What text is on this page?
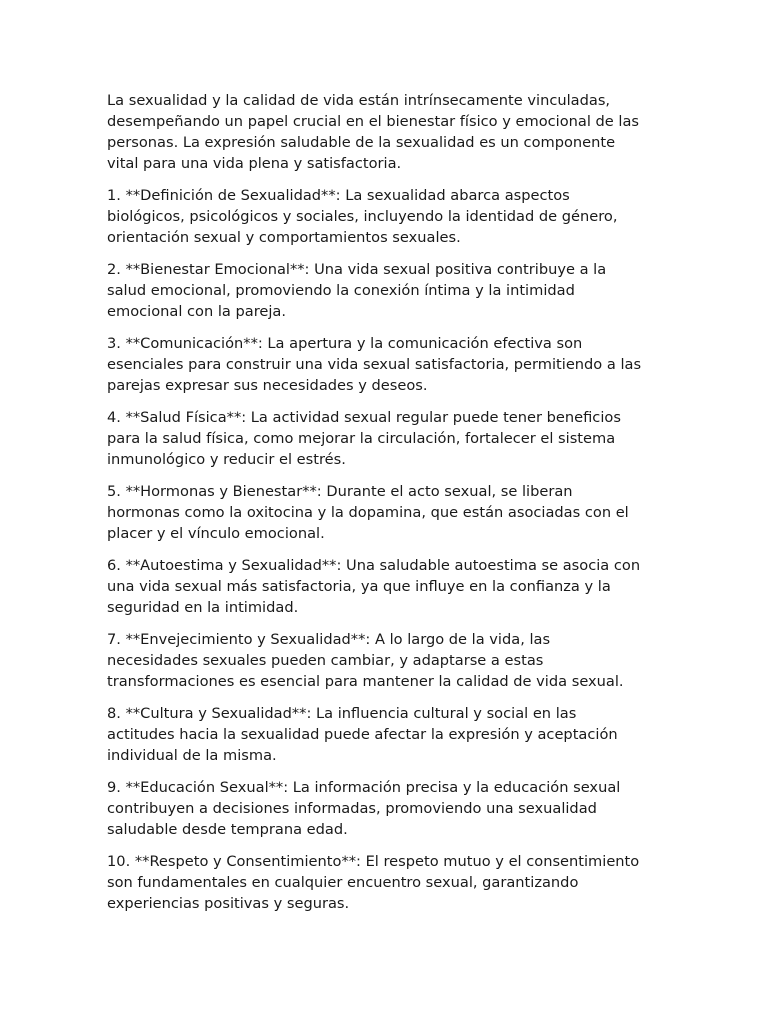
La sexualidad y la calidad de vida están intrínsecamente vinculadas,
desempeñando un papel crucial en el bienestar físico y emocional de las
personas. La expresión saludable de la sexualidad es un componente
vital para una vida plena y satisfactoria.

1. **Definición de Sexualidad**: La sexualidad abarca aspectos
biológicos, psicológicos y sociales, incluyendo la identidad de género,
orientación sexual y comportamientos sexuales.

2. **Bienestar Emocional**: Una vida sexual positiva contribuye a la
salud emocional, promoviendo la conexión íntima y la intimidad
emocional con la pareja.

3. **Comunicación**: La apertura y la comunicación efectiva son
esenciales para construir una vida sexual satisfactoria, permitiendo a las
parejas expresar sus necesidades y deseos.

4. **Salud Física**: La actividad sexual regular puede tener beneficios
para la salud física, como mejorar la circulación, fortalecer el sistema
inmunológico y reducir el estrés.

5. **Hormonas y Bienestar**: Durante el acto sexual, se liberan
hormonas como la oxitocina y la dopamina, que están asociadas con el
placer y el vínculo emocional.

6. **Autoestima y Sexualidad**: Una saludable autoestima se asocia con
una vida sexual más satisfactoria, ya que influye en la confianza y la
seguridad en la intimidad.

7. **Envejecimiento y Sexualidad**: A lo largo de la vida, las
necesidades sexuales pueden cambiar, y adaptarse a estas
transformaciones es esencial para mantener la calidad de vida sexual.

8. **Cultura y Sexualidad**: La influencia cultural y social en las
actitudes hacia la sexualidad puede afectar la expresión y aceptación
individual de la misma.

9. **Educación Sexual**: La información precisa y la educación sexual
contribuyen a decisiones informadas, promoviendo una sexualidad
saludable desde temprana edad.

10. **Respeto y Consentimiento**: El respeto mutuo y el consentimiento
son fundamentales en cualquier encuentro sexual, garantizando
experiencias positivas y seguras.
